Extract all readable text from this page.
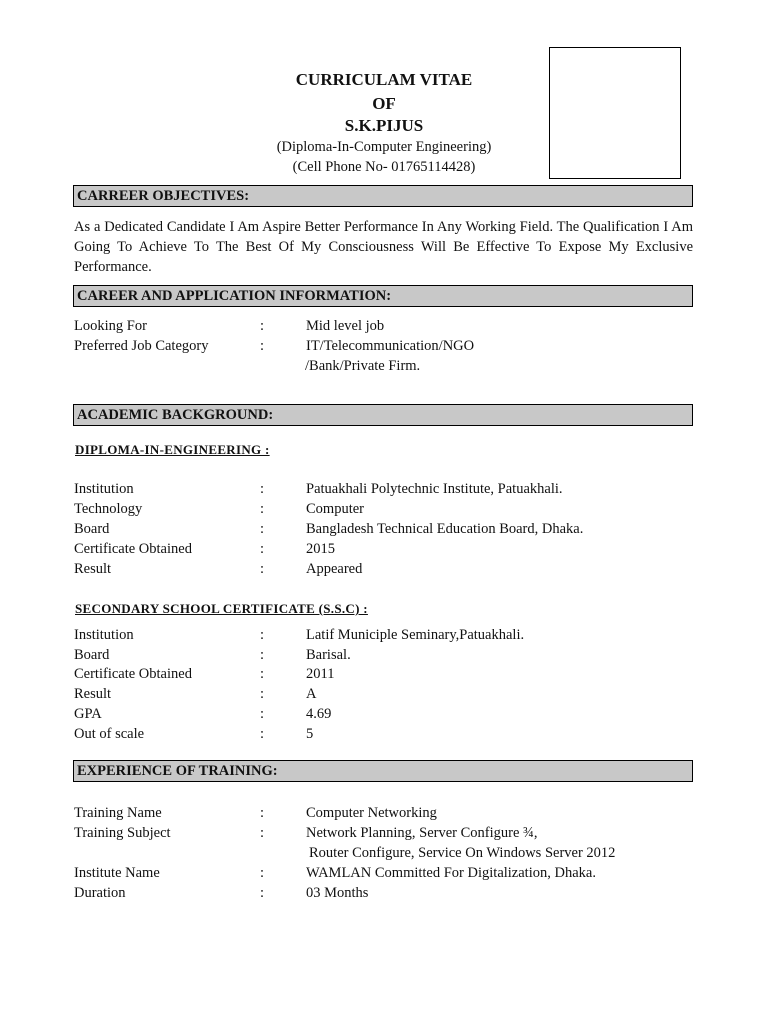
CURRICULAM VITAE
OF
S.K.PIJUS
(Diploma-In-Computer Engineering)
(Cell Phone No- 01765114428)
CARREER OBJECTIVES:
As a Dedicated Candidate I Am Aspire Better Performance In Any Working Field. The Qualification I Am Going To Achieve To The Best Of My Consciousness Will Be Effective To Expose My Exclusive Performance.
CAREER AND APPLICATION INFORMATION:
Looking For	:	Mid level job
Preferred Job Category	:	IT/Telecommunication/NGO
/Bank/Private Firm.
ACADEMIC BACKGROUND:
DIPLOMA-IN-ENGINEERING :
Institution	:	Patuakhali Polytechnic Institute, Patuakhali.
Technology	:	Computer
Board	:	Bangladesh Technical Education Board, Dhaka.
Certificate Obtained	:	2015
Result	:	Appeared
SECONDARY SCHOOL CERTIFICATE (S.S.C) :
Institution	:	Latif Municiple Seminary,Patuakhali.
Board	:	Barisal.
Certificate Obtained	:	2011
Result	:	A
GPA	:	4.69
Out of scale	:	5
EXPERIENCE OF TRAINING:
Training Name	:	Computer Networking
Training Subject	:	Network Planning, Server Configure ¾,
Router Configure, Service On Windows Server 2012
Institute Name	:	WAMLAN Committed For Digitalization, Dhaka.
Duration	:	03 Months
